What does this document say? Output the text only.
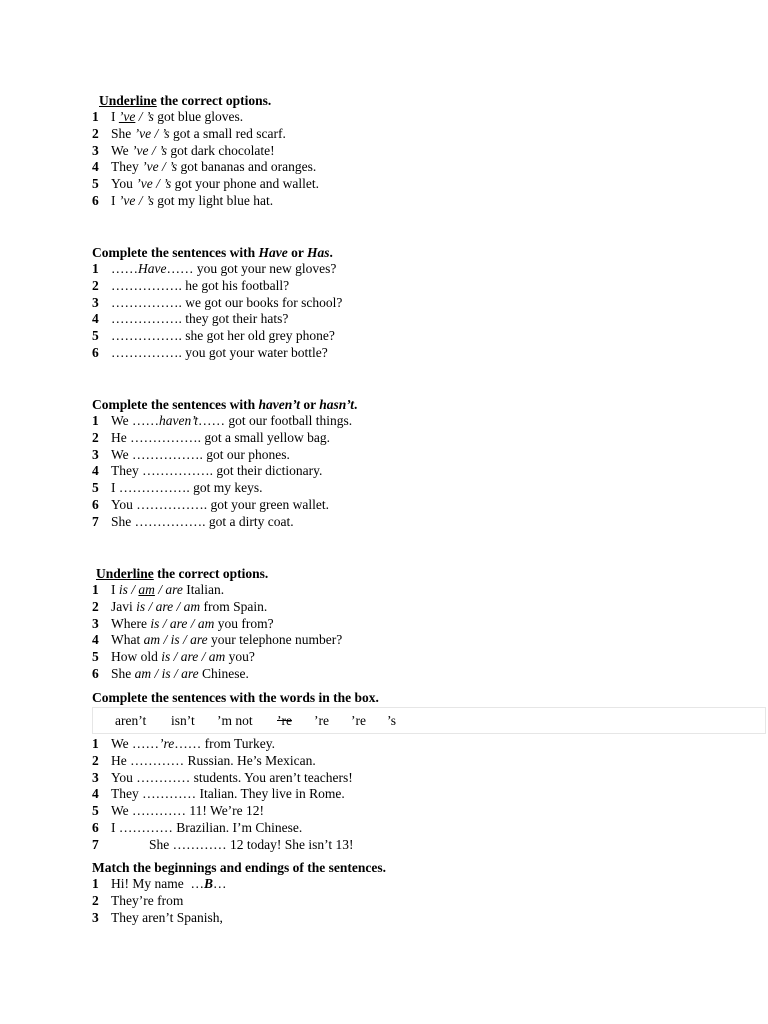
Underline the correct options.
1 I ’ve / ’s got blue gloves.
2 She ’ve / ’s got a small red scarf.
3 We ’ve / ’s got dark chocolate!
4 They ’ve / ’s got bananas and oranges.
5 You ’ve / ’s got your phone and wallet.
6 I ’ve / ’s got my light blue hat.
Complete the sentences with Have or Has.
1 ……Have…… you got your new gloves?
2 ……………. he got his football?
3 ……………. we got our books for school?
4 ……………. they got their hats?
5 ……………. she got her old grey phone?
6 ……………. you got your water bottle?
Complete the sentences with haven’t or hasn’t.
1 We ……haven’t…… got our football things.
2 He ……………. got a small yellow bag.
3 We ……………. got our phones.
4 They ……………. got their dictionary.
5 I ……………. got my keys.
6 You ……………. got your green wallet.
7 She ……………. got a dirty coat.
Underline the correct options.
1 I is / am / are Italian.
2 Javi is / are / am from Spain.
3 Where is / are / am you from?
4 What am / is / are your telephone number?
5 How old is / are / am you?
6 She am / is / are Chinese.
Complete the sentences with the words in the box.
aren’t isn’t ’m not ’re ’re ’re ’s
1 We ……’re…… from Turkey.
2 He ………… Russian. He’s Mexican.
3 You ………… students. You aren’t teachers!
4 They ………… Italian. They live in Rome.
5 We ………… 11! We’re 12!
6 I ………… Brazilian. I’m Chinese.
7	She ………… 12 today! She isn’t 13!
Match the beginnings and endings of the sentences.
1 Hi! My name  …B…
2 They’re from
3 They aren’t Spanish,
